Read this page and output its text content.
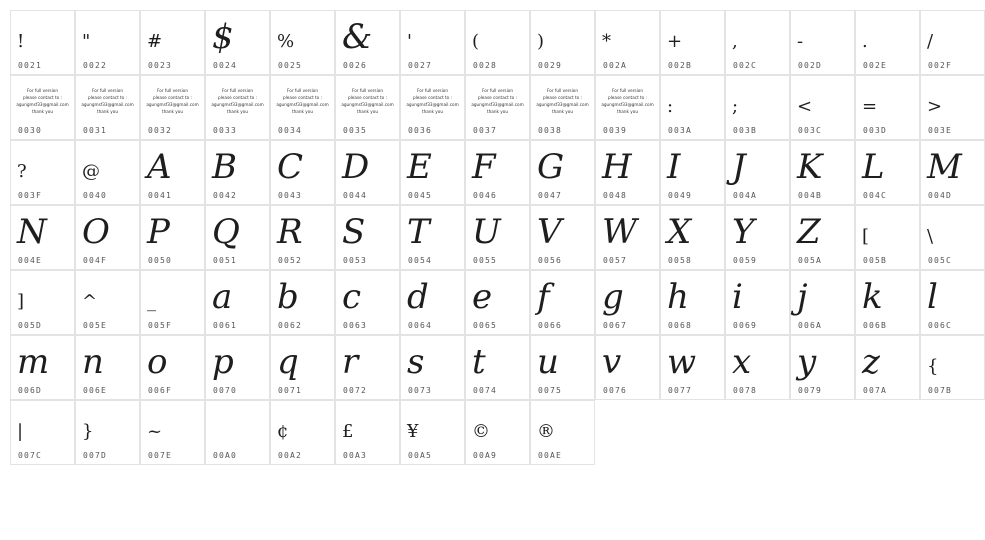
!
0021
"
0022
#
0023
$
0024
%
0025
&
0026
'
0027
(
0028
)
0029
*
002A
+
002B
,
002C
-
002D
.
002E
/
002F
For full version
please contact to :
agungmsf33@gmail.com
thank you
0030
For full version
please contact to :
agungmsf33@gmail.com
thank you
0031
For full version
please contact to :
agungmsf33@gmail.com
thank you
0032
For full version
please contact to :
agungmsf33@gmail.com
thank you
0033
For full version
please contact to :
agungmsf33@gmail.com
thank you
0034
For full version
please contact to :
agungmsf33@gmail.com
thank you
0035
For full version
please contact to :
agungmsf33@gmail.com
thank you
0036
For full version
please contact to :
agungmsf33@gmail.com
thank you
0037
For full version
please contact to :
agungmsf33@gmail.com
thank you
0038
For full version
please contact to :
agungmsf33@gmail.com
thank you
0039
:
003A
;
003B
<
003C
=
003D
>
003E
?
003F
@
0040
A
0041
B
0042
C
0043
D
0044
E
0045
F
0046
G
0047
H
0048
I
0049
J
004A
K
004B
L
004C
M
004D
N
004E
O
004F
P
0050
Q
0051
R
0052
S
0053
T
0054
U
0055
V
0056
W
0057
X
0058
Y
0059
Z
005A
[
005B
\
005C
]
005D
^
005E
_
005F
a
0061
b
0062
c
0063
d
0064
e
0065
f
0066
g
0067
h
0068
i
0069
j
006A
k
006B
l
006C
m
006D
n
006E
o
006F
p
0070
q
0071
r
0072
s
0073
t
0074
u
0075
v
0076
w
0077
x
0078
y
0079
z
007A
{
007B
|
007C
}
007D
~
007E	00A0
¢
00A2
£
00A3
¥
00A5
©
00A9
®
00AE
